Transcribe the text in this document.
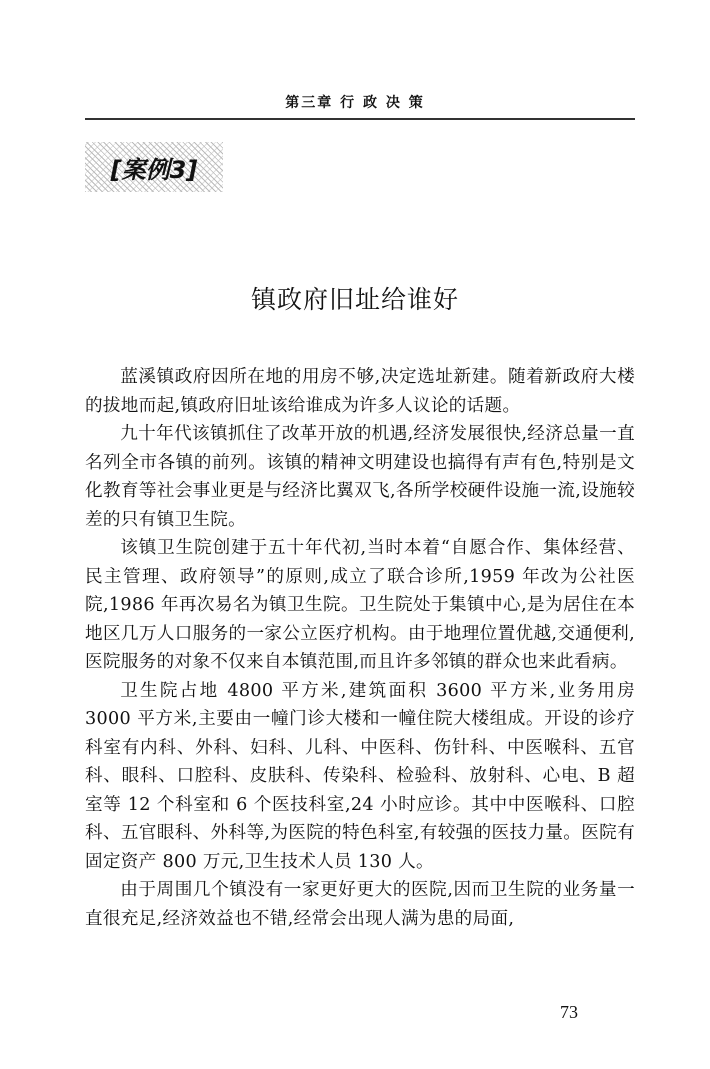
第三章 行 政 决 策
[案例3]
镇政府旧址给谁好

蓝溪镇政府因所在地的用房不够,决定选址新建。随着新政府大楼的拔地而起,镇政府旧址该给谁成为许多人议论的话题。

九十年代该镇抓住了改革开放的机遇,经济发展很快,经济总量一直名列全市各镇的前列。该镇的精神文明建设也搞得有声有色,特别是文化教育等社会事业更是与经济比翼双飞,各所学校硬件设施一流,设施较差的只有镇卫生院。

该镇卫生院创建于五十年代初,当时本着“自愿合作、集体经营、民主管理、政府领导”的原则,成立了联合诊所,1959 年改为公社医院,1986 年再次易名为镇卫生院。卫生院处于集镇中心,是为居住在本地区几万人口服务的一家公立医疗机构。由于地理位置优越,交通便利,医院服务的对象不仅来自本镇范围,而且许多邻镇的群众也来此看病。

卫生院占地 4800 平方米,建筑面积 3600 平方米,业务用房 3000 平方米,主要由一幢门诊大楼和一幢住院大楼组成。开设的诊疗科室有内科、外科、妇科、儿科、中医科、伤针科、中医喉科、五官科、眼科、口腔科、皮肤科、传染科、检验科、放射科、心电、B 超室等 12 个科室和 6 个医技科室,24 小时应诊。其中中医喉科、口腔科、五官眼科、外科等,为医院的特色科室,有较强的医技力量。医院有固定资产 800 万元,卫生技术人员 130 人。

由于周围几个镇没有一家更好更大的医院,因而卫生院的业务量一直很充足,经济效益也不错,经常会出现人满为患的局面,

73
